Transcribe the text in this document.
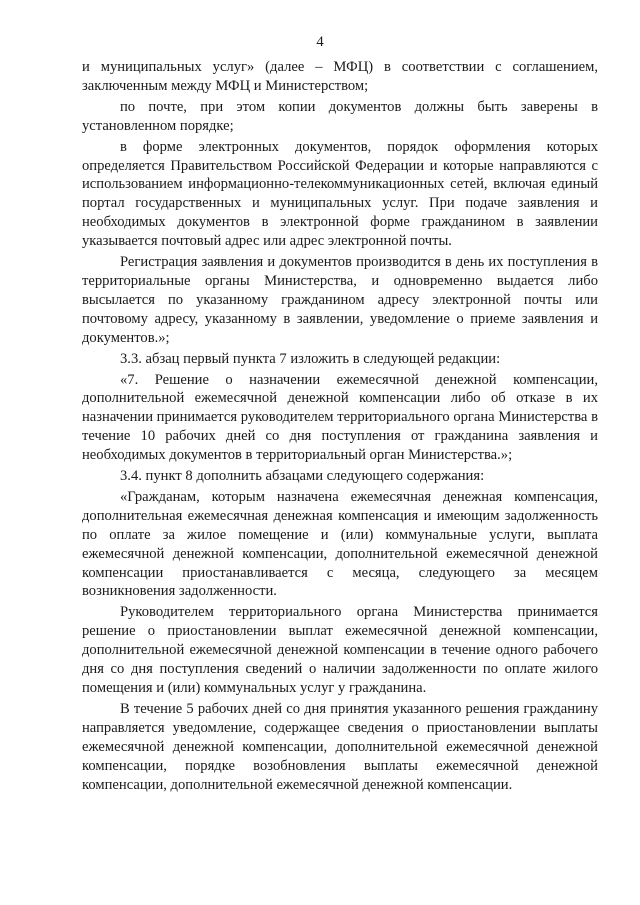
4

и муниципальных услуг» (далее – МФЦ) в соответствии с соглашением, заключенным между МФЦ и Министерством;

по почте, при этом копии документов должны быть заверены в установленном порядке;

в форме электронных документов, порядок оформления которых определяется Правительством Российской Федерации и которые направляются с использованием информационно-телекоммуникационных сетей, включая единый портал государственных и муниципальных услуг. При подаче заявления и необходимых документов в электронной форме гражданином в заявлении указывается почтовый адрес или адрес электронной почты.

Регистрация заявления и документов производится в день их поступления в территориальные органы Министерства, и одновременно выдается либо высылается по указанному гражданином адресу электронной почты или почтовому адресу, указанному в заявлении, уведомление о приеме заявления и документов.»;

3.3. абзац первый пункта 7 изложить в следующей редакции:

«7. Решение о назначении ежемесячной денежной компенсации, дополнительной ежемесячной денежной компенсации либо об отказе в их назначении принимается руководителем территориального органа Министерства в течение 10 рабочих дней со дня поступления от гражданина заявления и необходимых документов в территориальный орган Министерства.»;

3.4. пункт 8 дополнить абзацами следующего содержания:

«Гражданам, которым назначена ежемесячная денежная компенсация, дополнительная ежемесячная денежная компенсация и имеющим задолженность по оплате за жилое помещение и (или) коммунальные услуги, выплата ежемесячной денежной компенсации, дополнительной ежемесячной денежной компенсации приостанавливается с месяца, следующего за месяцем возникновения задолженности.

Руководителем территориального органа Министерства принимается решение о приостановлении выплат ежемесячной денежной компенсации, дополнительной ежемесячной денежной компенсации в течение одного рабочего дня со дня поступления сведений о наличии задолженности по оплате жилого помещения и (или) коммунальных услуг у гражданина.

В течение 5 рабочих дней со дня принятия указанного решения гражданину направляется уведомление, содержащее сведения о приостановлении выплаты ежемесячной денежной компенсации, дополнительной ежемесячной денежной компенсации, порядке возобновления выплаты ежемесячной денежной компенсации, дополнительной ежемесячной денежной компенсации.
